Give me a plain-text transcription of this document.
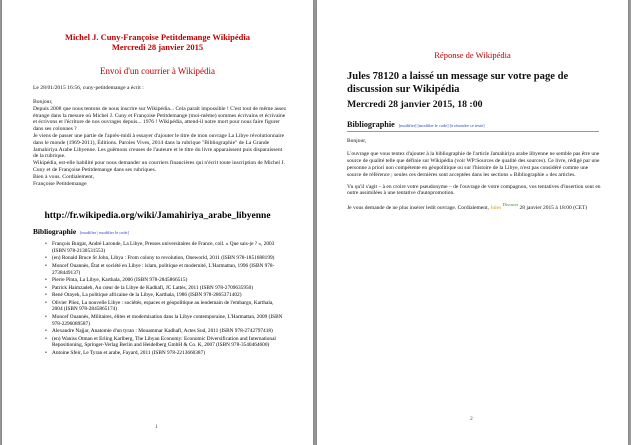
Michel J. Cuny-Françoise Petitdemange Wikipédia
Mercredi 28 janvier 2015
Envoi d'un courrier à Wikipédia
Le 28/01/2015 16:56, cuny-petitdemange a écrit :
Bonjour,
Depuis 2008 que nous tentons de nous inscrire sur Wikipédia... Cela paraît impossible ! C'est tout de même assez étrange dans la mesure où Michel J. Cuny et Françoise Petitdemange (moi-même) sommes écrivains et écrivaine et écrivons et l'écriture de nos ouvrages depuis... 1976 ! Wikipédia, attend-il notre mort pour nous faire figurer dans ses colonnes ?
Je viens de passer une partie de l'après-midi à essayer d'ajouter le titre de mon ouvrage La Libye révolutionnaire dans le monde (1969-2011), Éditions. Paroles Vives, 2014 dans la rubrique "Bibliographie" de La Grande Jamahiriya Arabe Libyenne. Les guêmons creuses de l'auteure et le titre du livre apparaissent puis disparaissent de la rubrique.
Wikipédia, est-elle habilité pour nous demander un courriers financières qui n'écrit toute inscription de Michel J. Cuny et de Françoise Petitdemange dans ses rubriques.
Bien à vous. Cordialement,
Françoise Petitdemange
http://fr.wikipedia.org/wiki/Jamahiriya_arabe_libyenne
Bibliographie [modifier | modifier le code]
• François Burgat, André Laronde, La Libye, Presses universitaires de France, coll. « Que sais-je ? », 2003 (ISBN 978-2130531553)
• (en) Ronald Bruce St John, Libya : From colony to revolution, Oneworld, 2011 (ISBN 978-1851688199)
• Moncef Ouannès, État et société en Libye : islam, politique et modernité, L'Harmattan, 1996 (ISBN 978-2738449137)
• Pierre Pinta, La Libye, Karthala, 2006 (ISBN 978-2845866515)
• Patrick Haimzadeh, Au cœur de la Libye de Kadhafi, JC Lattès, 2011 (ISBN 978-2709635950)
• René Otayek, La politique africaine de la Libye, Karthala, 1986 (ISBN 978-2865371402)
• Olivier Pliez, La nouvelle Libye : sociétés, espaces et géopolitique au lendemain de l'embargo, Karthala, 2004 (ISBN 978-2845865174)
• Moncef Ouannès, Militaires, élites et modernisation dans la Libye contemporaine, L'Harmattan, 2009 (ISBN 978-2296089587)
• Alexandre Najjar, Anatomie d'un tyran : Mouammar Kadhafi, Actes Sud, 2011 (ISBN 978-2742797418)
• (en) Waniss Otman et Erling Karlberg, The Libyan Economy: Economic Diversification and International Repositioning, Springer-Verlag Berlin and Heidelberg GmbH & Co. K, 2007 (ISBN 978-3540464600)
• Antoine Sfeir, Le Tyran et arabe, Fayard, 2011 (ISBN 978-2213660387)
1
Réponse de Wikipédia
Jules 78120 a laissé un message sur votre page de discussion sur Wikipédia
Mercredi 28 janvier 2015, 18 :00
Bibliographie [modifier] [modifier le code] [à résoudre ce texte]
Bonjour,
L'ouvrage que vous tentez d'ajouter à la bibliographie de l'article Jamahiriya arabe libyenne ne semble pas être une source de qualité telle que définie sur Wikipédia (voir WP:Sources de qualité des sources). Ce livre, rédigé par une personne a priori non compétente en géopolitique ou sur l'histoire de la Libye, n'est pas considéré comme une source de référence ; seules ces dernières sont acceptées dans les sections « Bibliographie » des articles.
Vu qu'il s'agit – à en croire votre pseudonyme – de l'ouvrage de votre compagnon, vos tentatives d'insertion sont en outre assimilées à une tentative d'autopromotion.
Je vous demande de ne plus insérer ledit ouvrage. Cordialement, Jules $^{Discuter}$ 28 janvier 2015 à 18:00 (CET)
2
